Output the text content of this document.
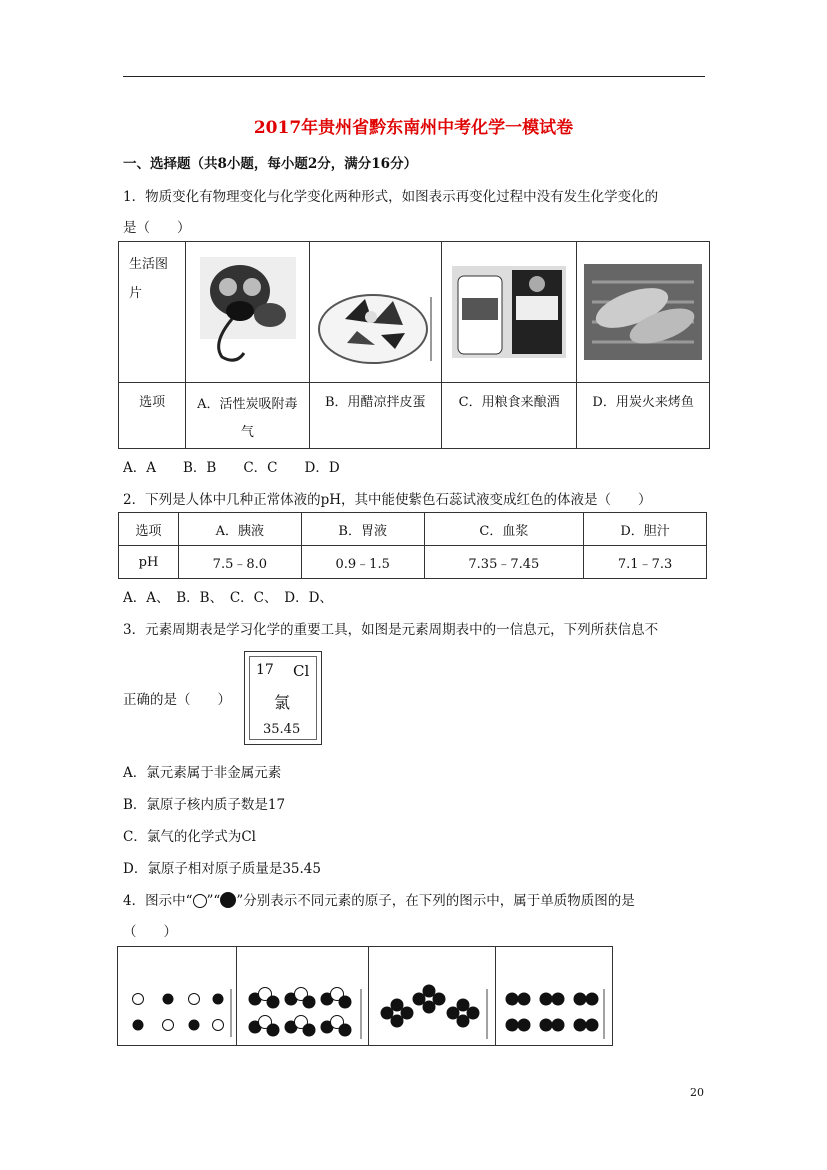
2017年贵州省黔东南州中考化学一模试卷
一、选择题（共8小题，每小题2分，满分16分）
1．物质变化有物理变化与化学变化两种形式，如图表示再变化过程中没有发生化学变化的
是（　　）
生活图
片	

选项	A．活性炭吸附毒
气	B．用醋凉拌皮蛋	C．用粮食来酿酒	D．用炭火来烤鱼
A．A　　B．B　　C．C　　D．D
2．下列是人体中几种正常体液的pH，其中能使紫色石蕊试液变成红色的体液是（　　）
选项	A．胰液	B．胃液	C．血浆	D．胆汁
pH	7.5﹣8.0	0.9﹣1.5	7.35﹣7.45	7.1﹣7.3
A．A、　B．B、　C．C、　D．D、
3．元素周期表是学习化学的重要工具，如图是元素周期表中的一信息元，下列所获信息不
正确的是（　　）
17 Cl
氯
35.45
A．氯元素属于非金属元素
B．氯原子核内质子数是17
C．氯气的化学式为Cl
D．氯原子相对原子质量是35.45
4．图示中“ ”“ ”分别表示不同元素的原子，在下列的图示中，属于单质物质图的是
（　　）
20
